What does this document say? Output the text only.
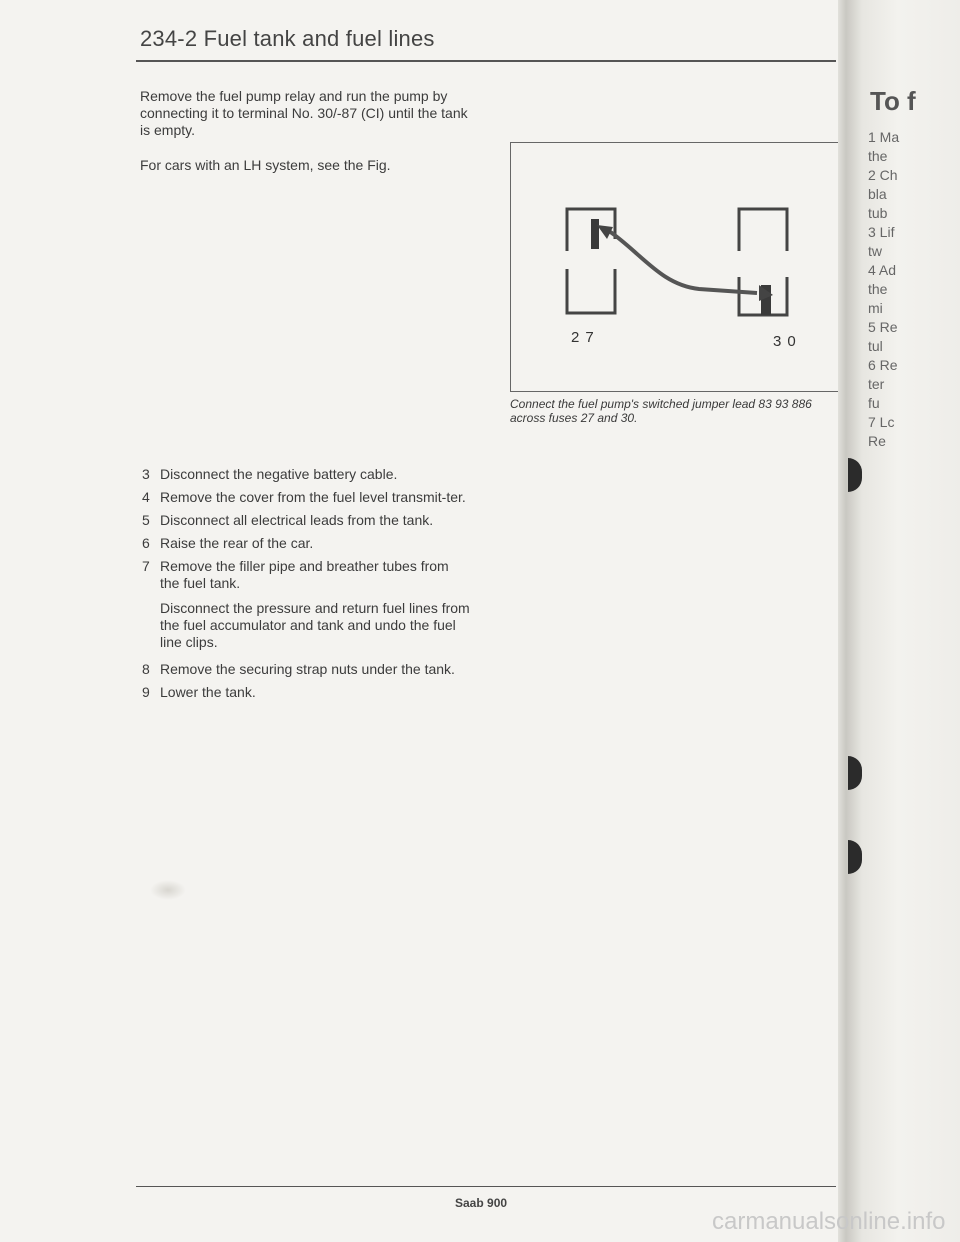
234-2 Fuel tank and fuel lines
Remove the fuel pump relay and run the pump by connecting it to terminal No. 30/-87 (CI) until the tank is empty.
For cars with an LH system, see the Fig.
27	30
Connect the fuel pump's switched jumper lead 83 93 886 across fuses 27 and 30.
3 Disconnect the negative battery cable.
4 Remove the cover from the fuel level transmit-ter.
5 Disconnect all electrical leads from the tank.
6 Raise the rear of the car.
7 Remove the filler pipe and breather tubes from the fuel tank.
Disconnect the pressure and return fuel lines from the fuel accumulator and tank and undo the fuel line clips.
8 Remove the securing strap nuts under the tank.
9 Lower the tank.
Saab 900
To f
1 Ma
the
2 Ch
bla
tub
3 Lif
tw
4 Ad
the
mi
5 Re
tul
6 Re
ter
fu
7 Lc
Re
carmanualsonline.info
